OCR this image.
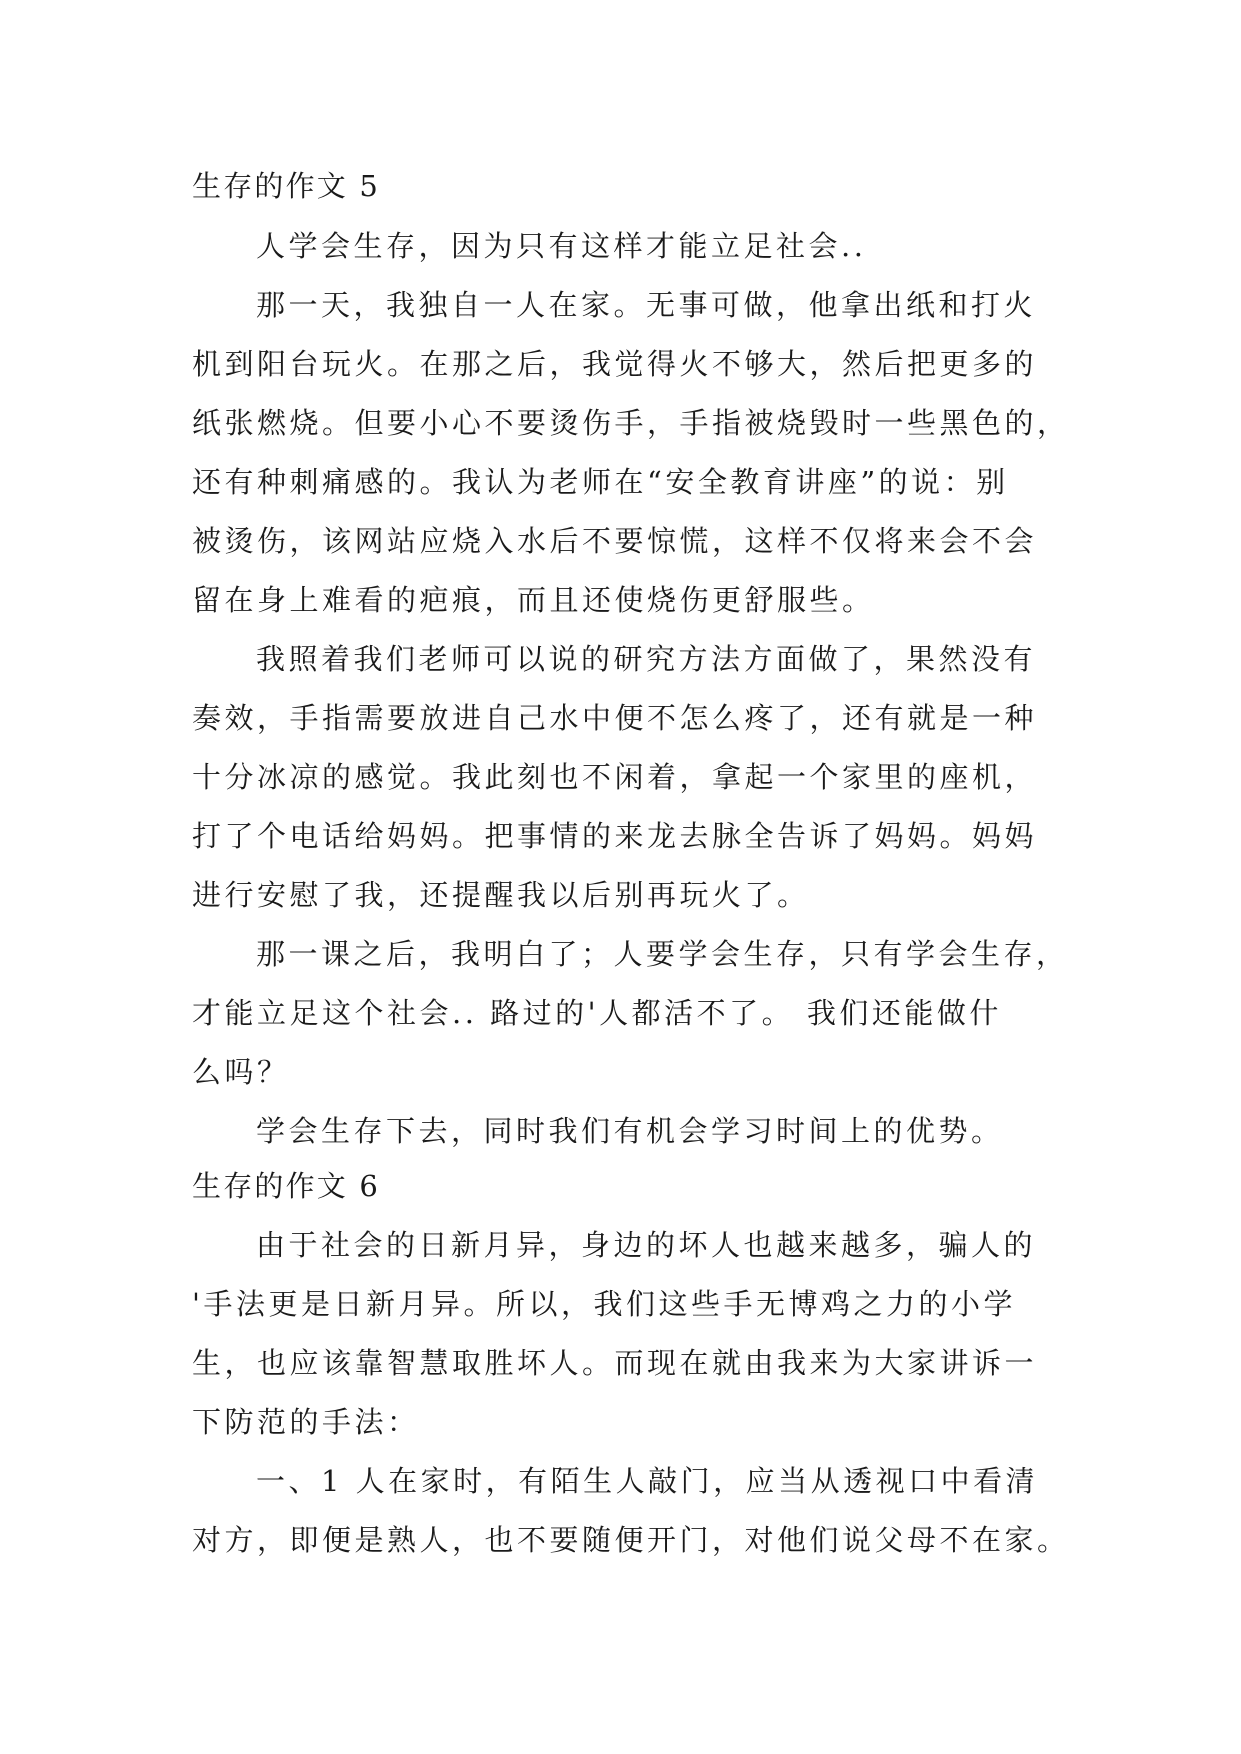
生存的作文 5
人学会生存，因为只有这样才能立足社会..
那一天，我独自一人在家。无事可做，他拿出纸和打火
机到阳台玩火。在那之后，我觉得火不够大，然后把更多的
纸张燃烧。但要小心不要烫伤手，手指被烧毁时一些黑色的，
还有种刺痛感的。我认为老师在“安全教育讲座”的说：别
被烫伤，该网站应烧入水后不要惊慌，这样不仅将来会不会
留在身上难看的疤痕，而且还使烧伤更舒服些。
我照着我们老师可以说的研究方法方面做了，果然没有
奏效，手指需要放进自己水中便不怎么疼了，还有就是一种
十分冰凉的感觉。我此刻也不闲着，拿起一个家里的座机，
打了个电话给妈妈。把事情的来龙去脉全告诉了妈妈。妈妈
进行安慰了我，还提醒我以后别再玩火了。
那一课之后，我明白了；人要学会生存，只有学会生存，
才能立足这个社会.. 路过的'人都活不了。 我们还能做什
么吗？
学会生存下去，同时我们有机会学习时间上的优势。
生存的作文 6
由于社会的日新月异，身边的坏人也越来越多，骗人的
'手法更是日新月异。所以，我们这些手无博鸡之力的小学
生，也应该靠智慧取胜坏人。而现在就由我来为大家讲诉一
下防范的手法：
一、1 人在家时，有陌生人敲门，应当从透视口中看清
对方，即便是熟人，也不要随便开门，对他们说父母不在家。
